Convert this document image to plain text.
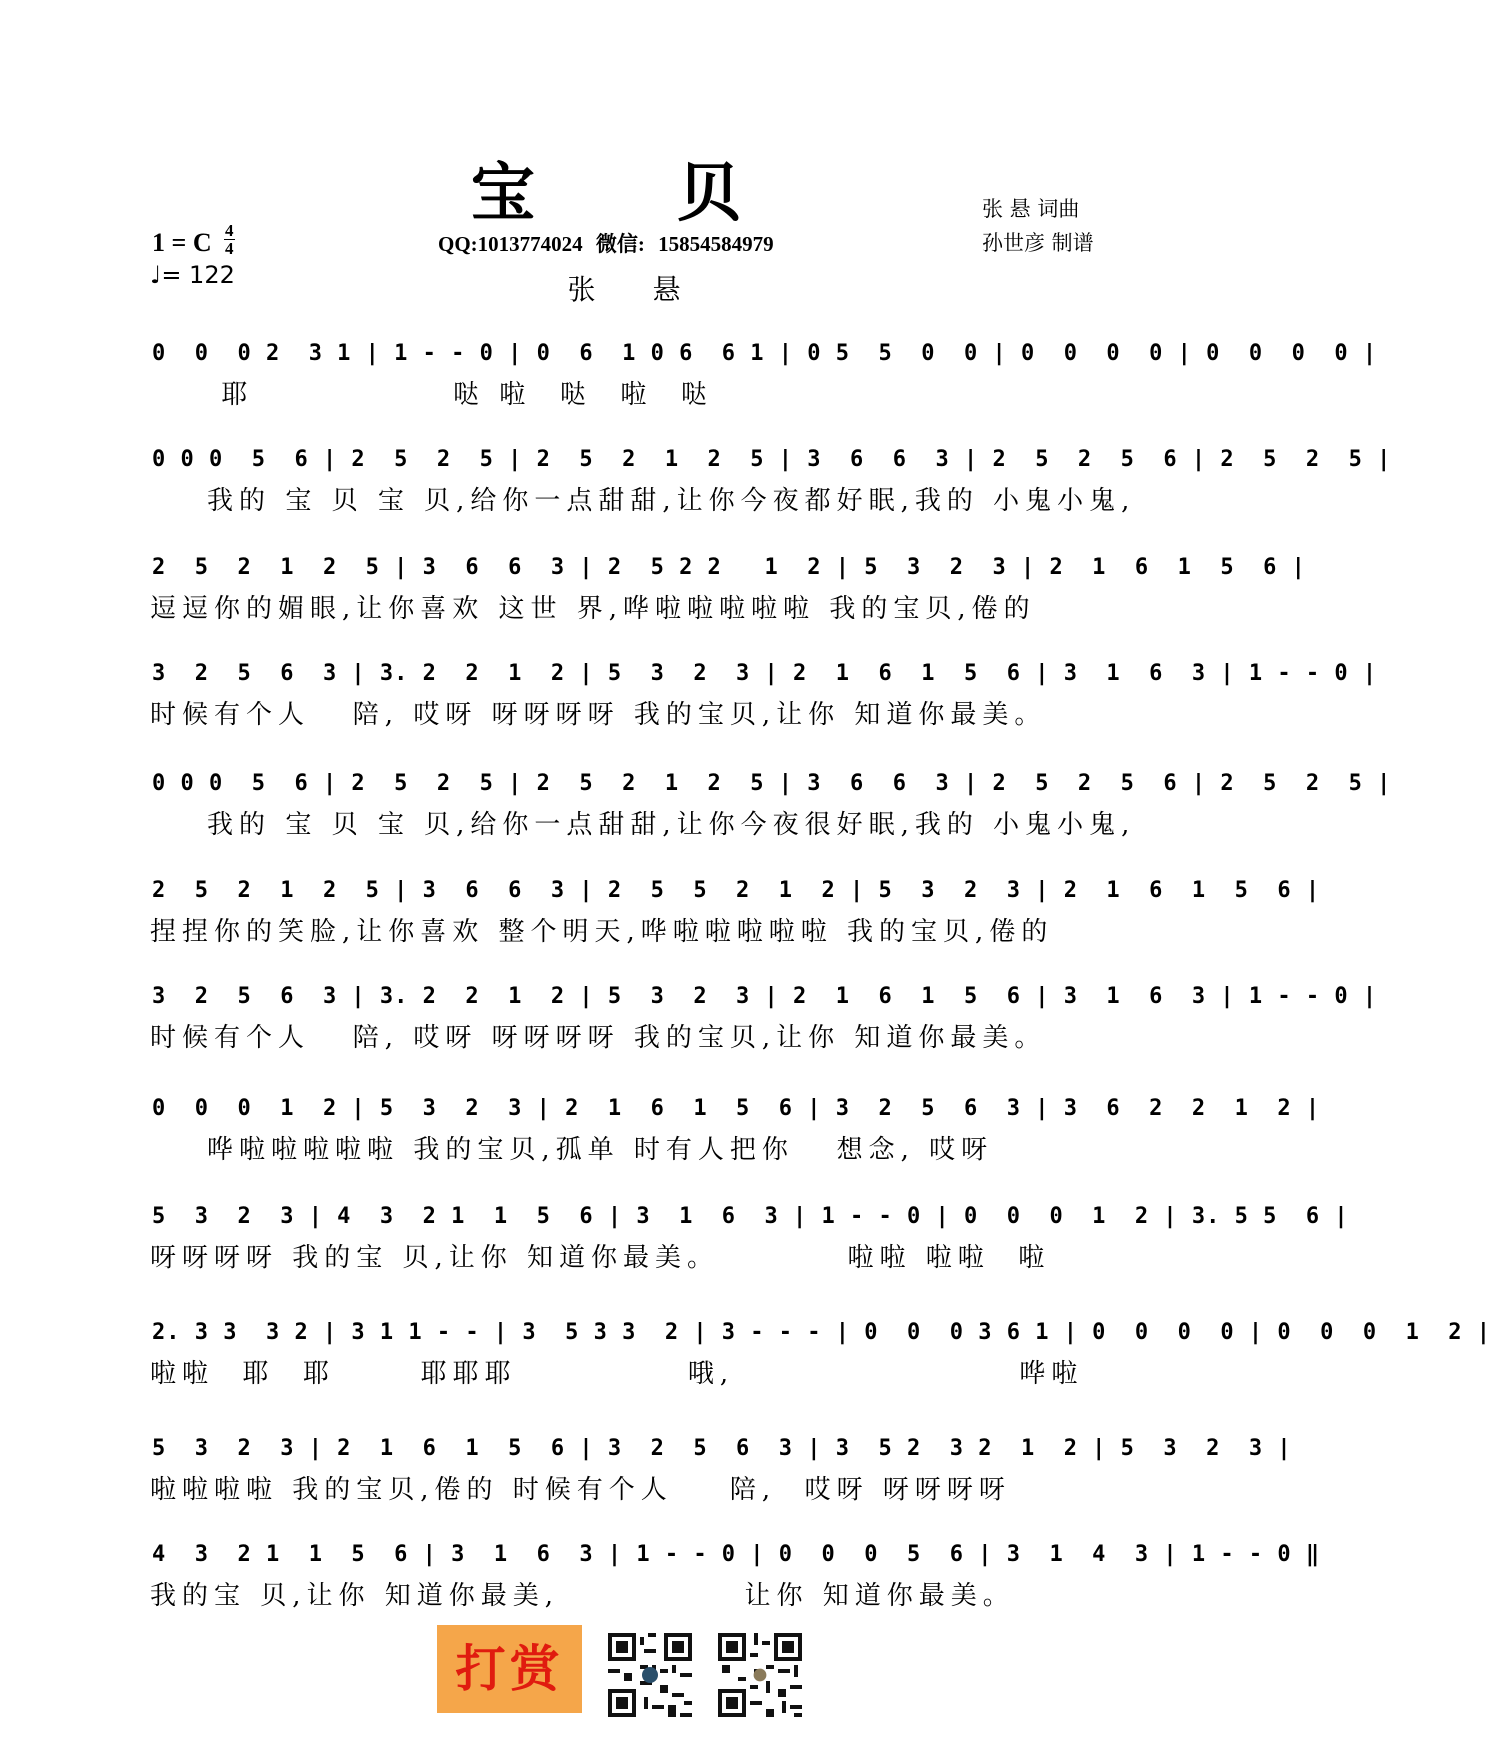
宝 贝
1 = C 4
4
♩= 122
QQ:1013774024 微信: 15854584979
张 悬 词曲
孙世彦 制谱
张 悬
0  0  0 2  3 1 | 1 - - 0 | 0  6  1 0 6  6 1 | 0 5  5  0  0 | 0  0  0  0 | 0  0  0  0 |
耶              哒 啦  哒  啦  哒
0 0 0  5  6 | 2  5  2  5 | 2  5  2  1  2  5 | 3  6  6  3 | 2  5  2  5  6 | 2  5  2  5 |
我的 宝 贝 宝 贝,给你一点甜甜,让你今夜都好眠,我的 小鬼小鬼,
2  5  2  1  2  5 | 3  6  6  3 | 2  5 2 2   1  2 | 5  3  2  3 | 2  1  6  1  5  6 |
逗逗你的媚眼,让你喜欢 这世 界,哗啦啦啦啦啦 我的宝贝,倦的
3  2  5  6  3 | 3. 2  2  1  2 | 5  3  2  3 | 2  1  6  1  5  6 | 3  1  6  3 | 1 - - 0 |
时候有个人   陪, 哎呀 呀呀呀呀 我的宝贝,让你 知道你最美。
0 0 0  5  6 | 2  5  2  5 | 2  5  2  1  2  5 | 3  6  6  3 | 2  5  2  5  6 | 2  5  2  5 |
我的 宝 贝 宝 贝,给你一点甜甜,让你今夜很好眠,我的 小鬼小鬼,
2  5  2  1  2  5 | 3  6  6  3 | 2  5  5  2  1  2 | 5  3  2  3 | 2  1  6  1  5  6 |
捏捏你的笑脸,让你喜欢 整个明天,哗啦啦啦啦啦 我的宝贝,倦的
3  2  5  6  3 | 3. 2  2  1  2 | 5  3  2  3 | 2  1  6  1  5  6 | 3  1  6  3 | 1 - - 0 |
时候有个人   陪, 哎呀 呀呀呀呀 我的宝贝,让你 知道你最美。
0  0  0  1  2 | 5  3  2  3 | 2  1  6  1  5  6 | 3  2  5  6  3 | 3  6  2  2  1  2 |
哗啦啦啦啦啦 我的宝贝,孤单 时有人把你   想念, 哎呀
5  3  2  3 | 4  3  2 1  1  5  6 | 3  1  6  3 | 1 - - 0 | 0  0  0  1  2 | 3. 5 5  6 |
呀呀呀呀 我的宝 贝,让你 知道你最美。         啦啦 啦啦  啦
2. 3 3  3 2 | 3 1 1 - - | 3  5 3 3  2 | 3 - - - | 0  0  0 3 6 1 | 0  0  0  0 | 0  0  0  1  2 |
啦啦  耶  耶      耶耶耶            哦,                    哗啦
5  3  2  3 | 2  1  6  1  5  6 | 3  2  5  6  3 | 3  5 2  3 2  1  2 | 5  3  2  3 |
啦啦啦啦 我的宝贝,倦的 时候有个人    陪,  哎呀 呀呀呀呀
4  3  2 1  1  5  6 | 3  1  6  3 | 1 - - 0 | 0  0  0  5  6 | 3  1  4  3 | 1 - - 0 ‖
我的宝 贝,让你 知道你最美,             让你 知道你最美。
打赏
